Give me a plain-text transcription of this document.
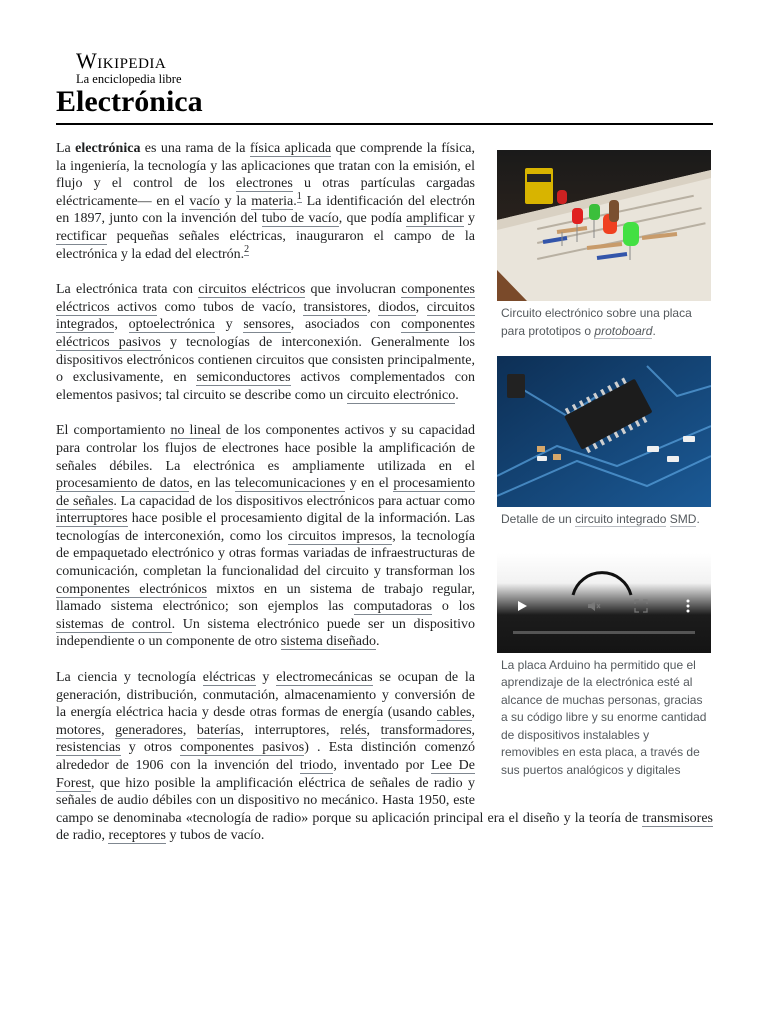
Wikipedia
La enciclopedia libre
Electrónica
Circuito electrónico sobre una placa para prototipos o protoboard.
Detalle de un circuito integrado SMD.
La placa Arduino ha permitido que el aprendizaje de la electrónica esté al alcance de muchas personas, gracias a su código libre y su enorme cantidad de dispositivos instalables y removibles en esta placa, a través de sus puertos analógicos y digitales

La electrónica es una rama de la física aplicada que comprende la física, la ingeniería, la tecnología y las aplicaciones que tratan con la emisión, el flujo y el control de los electrones u otras partículas cargadas eléctricamente— en el vacío y la materia.$^1$ La identificación del electrón en 1897, junto con la invención del tubo de vacío, que podía amplificar y rectificar pequeñas señales eléctricas, inauguraron el campo de la electrónica y la edad del electrón.$^2$

La electrónica trata con circuitos eléctricos que involucran componentes eléctricos activos como tubos de vacío, transistores, diodos, circuitos integrados, optoelectrónica y sensores, asociados con componentes eléctricos pasivos y tecnologías de interconexión. Generalmente los dispositivos electrónicos contienen circuitos que consisten principalmente, o exclusivamente, en semiconductores activos complementados con elementos pasivos; tal circuito se describe como un circuito electrónico.

El comportamiento no lineal de los componentes activos y su capacidad para controlar los flujos de electrones hace posible la amplificación de señales débiles. La electrónica es ampliamente utilizada en el procesamiento de datos, en las telecomunicaciones y en el procesamiento de señales. La capacidad de los dispositivos electrónicos para actuar como interruptores hace posible el procesamiento digital de la información. Las tecnologías de interconexión, como los circuitos impresos, la tecnología de empaquetado electrónico y otras formas variadas de infraestructuras de comunicación, completan la funcionalidad del circuito y transforman los componentes electrónicos mixtos en un sistema de trabajo regular, llamado sistema electrónico; son ejemplos las computadoras o los sistemas de control. Un sistema electrónico puede ser un dispositivo independiente o un componente de otro sistema diseñado.

La ciencia y tecnología eléctricas y electromecánicas se ocupan de la generación, distribución, conmutación, almacenamiento y conversión de la energía eléctrica hacia y desde otras formas de energía (usando cables, motores, generadores, baterías, interruptores, relés, transformadores, resistencias y otros componentes pasivos) . Esta distinción comenzó alrededor de 1906 con la invención del triodo, inventado por Lee De Forest, que hizo posible la amplificación eléctrica de señales de radio y señales de audio débiles con un dispositivo no mecánico. Hasta 1950, este campo se denominaba «tecnología de radio» porque su aplicación principal era el diseño y la teoría de transmisores de radio, receptores y tubos de vacío.
